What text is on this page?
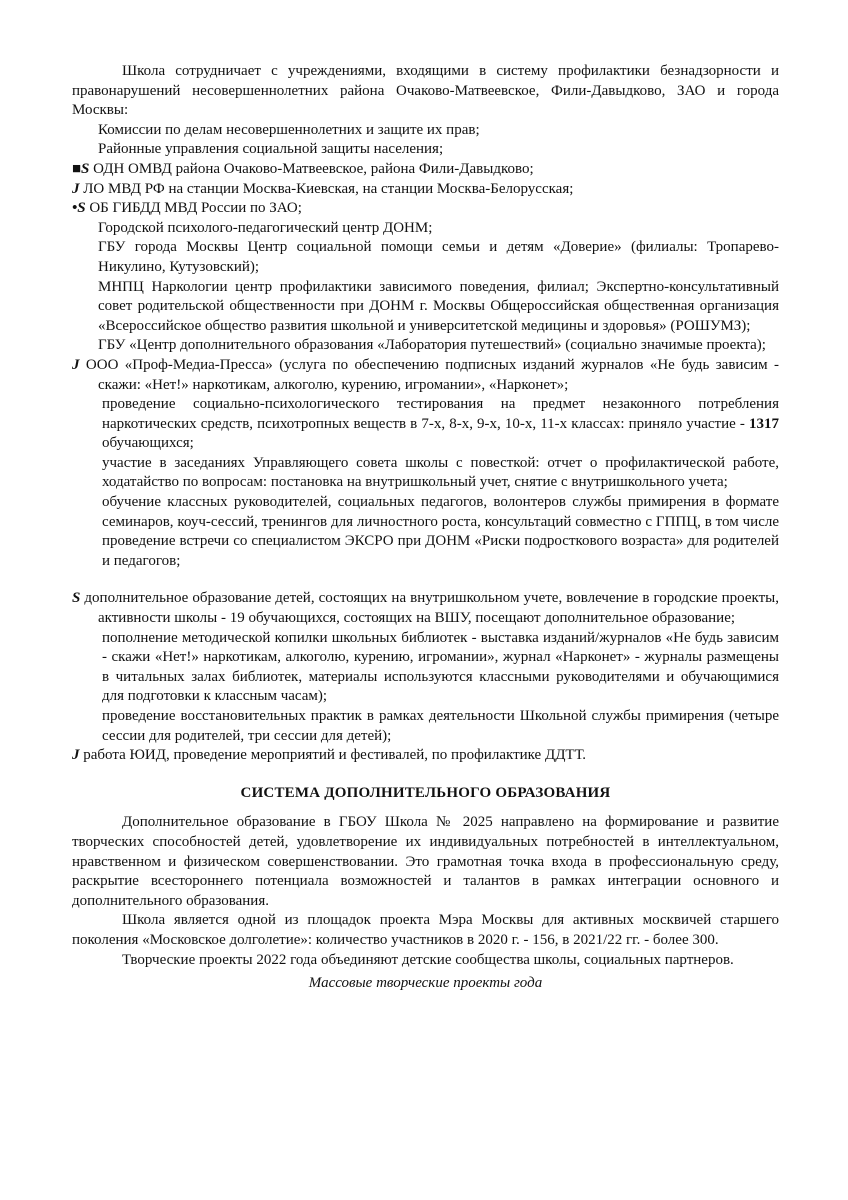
Школа сотрудничает с учреждениями, входящими в систему профилактики безнадзорности и правонарушений несовершеннолетних района Очаково-Матвеевское, Фили-Давыдково, ЗАО и города Москвы:

Комиссии по делам несовершеннолетних и защите их прав;

Районные управления социальной защиты населения;

■S ОДН ОМВД района Очаково-Матвеевское, района Фили-Давыдково;

J ЛО МВД РФ на станции Москва-Киевская, на станции Москва-Белорусская;

•S ОБ ГИБДД МВД России по ЗАО;

Городской психолого-педагогический центр ДОНМ;

ГБУ города Москвы Центр социальной помощи семьи и детям «Доверие» (филиалы: Тропарево-Никулино, Кутузовский);

МНПЦ Наркологии центр профилактики зависимого поведения, филиал; Экспертно-консультативный совет родительской общественности при ДОНМ г. Москвы Общероссийская общественная организация «Всероссийское общество развития школьной и университетской медицины и здоровья» (РОШУМЗ);

ГБУ «Центр дополнительного образования «Лаборатория путешествий» (социально значимые проекта);

J ООО «Проф-Медиа-Пресса» (услуга по обеспечению подписных изданий журналов «Не будь зависим - скажи: «Нет!» наркотикам, алкоголю, курению, игромании», «Нарконет»;

проведение социально-психологического тестирования на предмет незаконного потребления наркотических средств, психотропных веществ в 7-х, 8-х, 9-х, 10-х, 11-х классах: приняло участие - 1317 обучающихся;

участие в заседаниях Управляющего совета школы с повесткой: отчет о профилактической работе, ходатайство по вопросам: постановка на внутришкольный учет, снятие с внутришкольного учета;

обучение классных руководителей, социальных педагогов, волонтеров службы примирения в формате семинаров, коуч-сессий, тренингов для личностного роста, консультаций совместно с ГППЦ, в том числе проведение встречи со специалистом ЭКСРО при ДОНМ «Риски подросткового возраста» для родителей и педагогов;

S дополнительное образование детей, состоящих на внутришкольном учете, вовлечение в городские проекты, активности школы - 19 обучающихся, состоящих на ВШУ, посещают дополнительное образование;

пополнение методической копилки школьных библиотек - выставка изданий/журналов «Не будь зависим - скажи «Нет!» наркотикам, алкоголю, курению, игромании», журнал «Нарконет» - журналы размещены в читальных залах библиотек, материалы используются классными руководителями и обучающимися для подготовки к классным часам);

проведение восстановительных практик в рамках деятельности Школьной службы примирения (четыре сессии для родителей, три сессии для детей);

J работа ЮИД, проведение мероприятий и фестивалей, по профилактике ДДТТ.

СИСТЕМА ДОПОЛНИТЕЛЬНОГО ОБРАЗОВАНИЯ

Дополнительное образование в ГБОУ Школа № 2025 направлено на формирование и развитие творческих способностей детей, удовлетворение их индивидуальных потребностей в интеллектуальном, нравственном и физическом совершенствовании. Это грамотная точка входа в профессиональную среду, раскрытие всестороннего потенциала возможностей и талантов в рамках интеграции основного и дополнительного образования.

Школа является одной из площадок проекта Мэра Москвы для активных москвичей старшего поколения «Московское долголетие»: количество участников в 2020 г. - 156, в 2021/22 гг. - более 300.

Творческие проекты 2022 года объединяют детские сообщества школы, социальных партнеров.

Массовые творческие проекты года
